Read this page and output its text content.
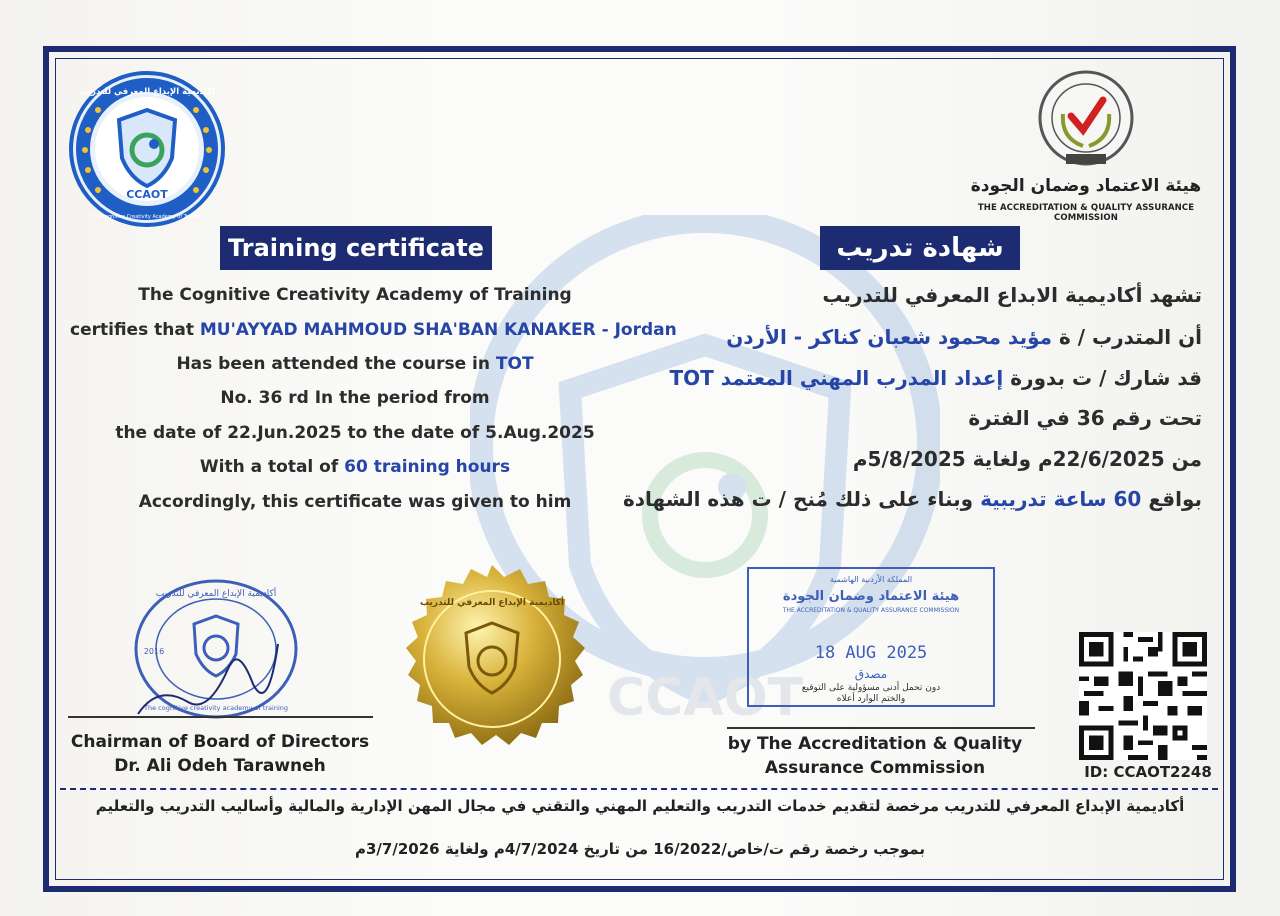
CCAOT
CCAOT
أكاديمية الإبداع المعرفي للتدريب
The Cognitive Creativity Academy of Training
هيئة الاعتماد وضمان الجودة
THE ACCREDITATION & QUALITY ASSURANCE COMMISSION
Training certificate	شهادة تدريب
The Cognitive Creativity Academy of Training
certifies that MU'AYYAD MAHMOUD SHA'BAN KANAKER - Jordan
Has been attended the course in TOT
No. 36 rd In the period from
the date of 22.Jun.2025 to the date of 5.Aug.2025
With a total of 60 training hours
Accordingly, this certificate was given to him
تشهد أكاديمية الابداع المعرفي للتدريب
أن المتدرب / ة مؤيد محمود شعبان كناكر - الأردن
قد شارك / ت بدورة إعداد المدرب المهني المعتمد TOT
تحت رقم 36 في الفترة
من 22/6/2025م ولغاية 5/8/2025م
بواقع 60 ساعة تدريبية وبناء على ذلك مُنح / ت هذه الشهادة
أكاديمية الإبداع المعرفي للتدريب
2016
The cognitive creativity academy of training
أكاديمية الإبداع المعرفي للتدريب
المملكة الأردنية الهاشمية
هيئة الاعتماد وضمان الجودة
THE ACCREDITATION & QUALITY ASSURANCE COMMISSION
18 AUG 2025
مصدق
دون تحمل أدنى مسؤولية على التوقيع
والختم الوارد أعلاه
Chairman of Board of Directors
Dr. Ali Odeh Tarawneh
by The Accreditation & Quality
Assurance Commission	ID: CCAOT2248
أكاديمية الإبداع المعرفي للتدريب مرخصة لتقديم خدمات التدريب والتعليم المهني والتقني في مجال المهن الإدارية والمالية وأساليب التدريب والتعليم
بموجب رخصة رقم ت/خاص/16/2022 من تاريخ 4/7/2024م ولغاية 3/7/2026م
